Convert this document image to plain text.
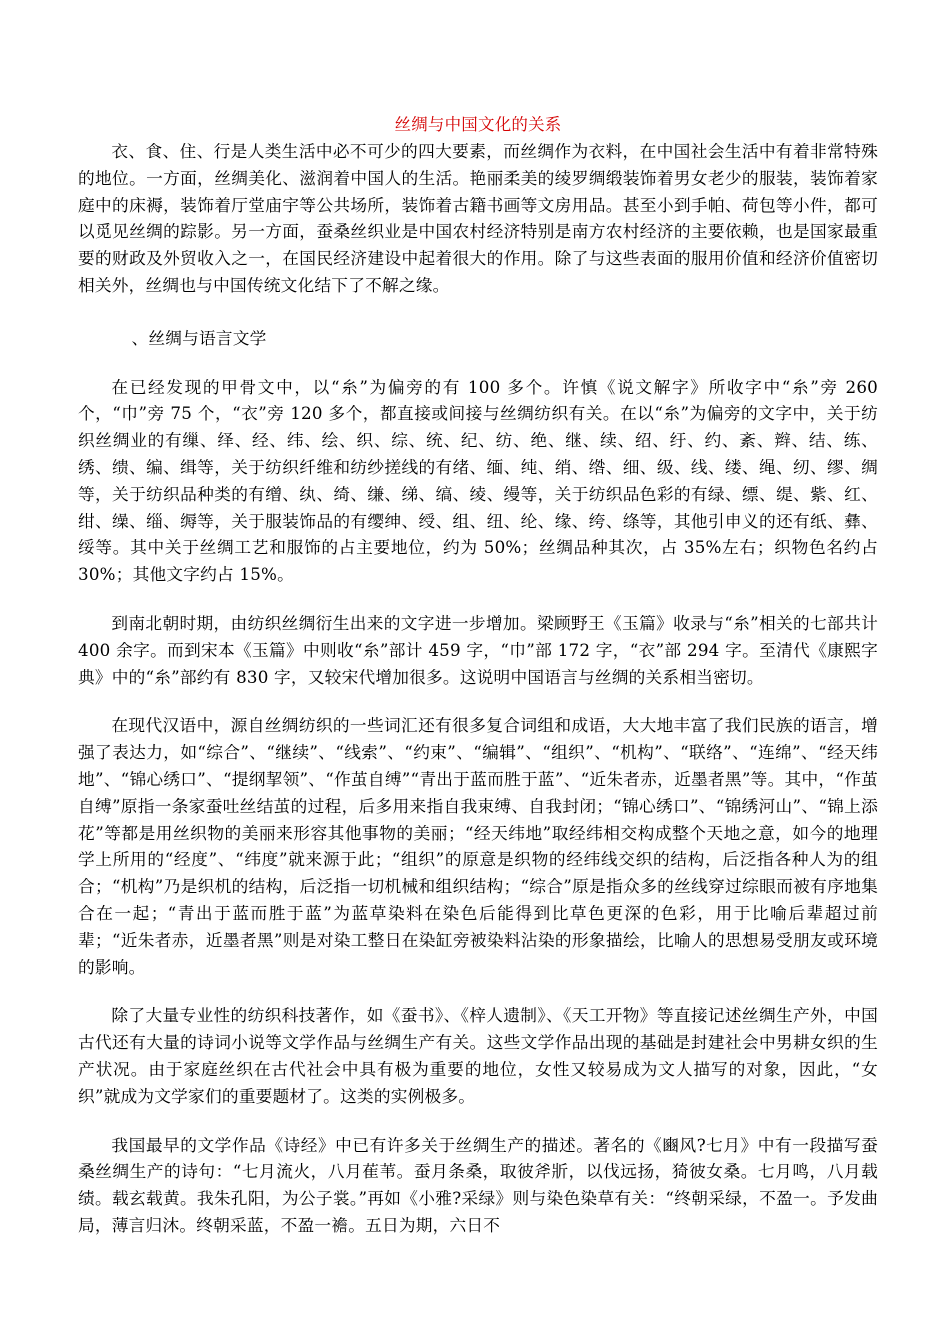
丝绸与中国文化的关系

衣、食、住、行是人类生活中必不可少的四大要素，而丝绸作为衣料，在中国社会生活中有着非常特殊的地位。一方面，丝绸美化、滋润着中国人的生活。艳丽柔美的绫罗绸缎装饰着男女老少的服装，装饰着家庭中的床褥，装饰着厅堂庙宇等公共场所，装饰着古籍书画等文房用品。甚至小到手帕、荷包等小件，都可以觅见丝绸的踪影。另一方面，蚕桑丝织业是中国农村经济特别是南方农村经济的主要依赖，也是国家最重要的财政及外贸收入之一，在国民经济建设中起着很大的作用。除了与这些表面的服用价值和经济价值密切相关外，丝绸也与中国传统文化结下了不解之缘。

、丝绸与语言文学

在已经发现的甲骨文中，以“糸”为偏旁的有 100 多个。许慎《说文解字》所收字中“糸”旁 260 个，“巾”旁 75 个，“衣”旁 120 多个，都直接或间接与丝绸纺织有关。在以“糸”为偏旁的文字中，关于纺织丝绸业的有缫、绎、经、纬、绘、织、综、统、纪、纺、绝、继、续、绍、纡、约、紊、辫、结、练、绣、缋、编、缉等，关于纺织纤维和纺纱搓线的有绪、缅、纯、绡、绺、细、级、线、缕、绳、纫、缪、绸等，关于纺织品种类的有缯、纨、绮、缣、绨、缟、绫、缦等，关于纺织品色彩的有绿、缥、缇、紫、红、绀、缲、缁、缛等，关于服装饰品的有缨绅、绶、组、纽、纶、缘、绔、绦等，其他引申义的还有纸、彝、绥等。其中关于丝绸工艺和服饰的占主要地位，约为 50%；丝绸品种其次，占 35%左右；织物色名约占 30%；其他文字约占 15%。

到南北朝时期，由纺织丝绸衍生出来的文字进一步增加。梁顾野王《玉篇》收录与“糸”相关的七部共计 400 余字。而到宋本《玉篇》中则收“糸”部计 459 字，“巾”部 172 字，“衣”部 294 字。至清代《康熙字典》中的“糸”部约有 830 字，又较宋代增加很多。这说明中国语言与丝绸的关系相当密切。

在现代汉语中，源自丝绸纺织的一些词汇还有很多复合词组和成语，大大地丰富了我们民族的语言，增强了表达力，如“综合”、“继续”、“线索”、“约束”、“编辑”、“组织”、“机构”、“联络”、“连绵”、“经天纬地”、“锦心绣口”、“提纲挈领”、“作茧自缚”“青出于蓝而胜于蓝”、“近朱者赤，近墨者黑”等。其中，“作茧自缚”原指一条家蚕吐丝结茧的过程，后多用来指自我束缚、自我封闭；“锦心绣口”、“锦绣河山”、“锦上添花”等都是用丝织物的美丽来形容其他事物的美丽；“经天纬地”取经纬相交构成整个天地之意，如今的地理学上所用的“经度”、“纬度”就来源于此；“组织”的原意是织物的经纬线交织的结构，后泛指各种人为的组合；“机构”乃是织机的结构，后泛指一切机械和组织结构；“综合”原是指众多的丝线穿过综眼而被有序地集合在一起；“青出于蓝而胜于蓝”为蓝草染料在染色后能得到比草色更深的色彩，用于比喻后辈超过前辈；“近朱者赤，近墨者黑”则是对染工整日在染缸旁被染料沾染的形象描绘，比喻人的思想易受朋友或环境的影响。

除了大量专业性的纺织科技著作，如《蚕书》、《梓人遗制》、《天工开物》等直接记述丝绸生产外，中国古代还有大量的诗词小说等文学作品与丝绸生产有关。这些文学作品出现的基础是封建社会中男耕女织的生产状况。由于家庭丝织在古代社会中具有极为重要的地位，女性又较易成为文人描写的对象，因此，“女织”就成为文学家们的重要题材了。这类的实例极多。

我国最早的文学作品《诗经》中已有许多关于丝绸生产的描述。著名的《豳风?七月》中有一段描写蚕桑丝绸生产的诗句：“七月流火，八月萑苇。蚕月条桑，取彼斧斨，以伐远扬，猗彼女桑。七月鸣，八月载绩。载玄载黄。我朱孔阳，为公子裳。”再如《小雅?采绿》则与染色染草有关：“终朝采绿，不盈一。予发曲局，薄言归沐。终朝采蓝，不盈一襜。五日为期，六日不
